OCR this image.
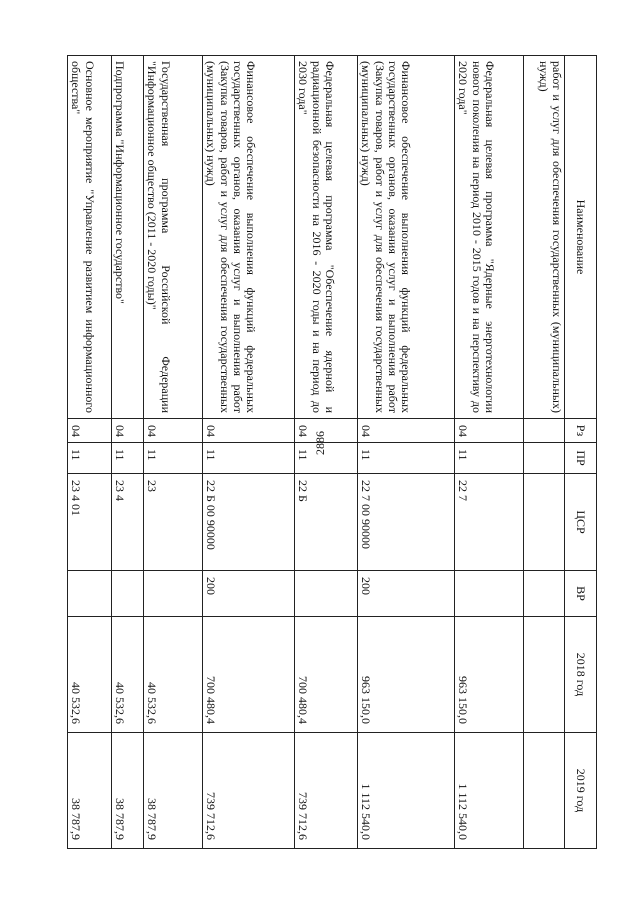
2886
Наименование	Рз	ПР	ЦСР	ВР	2018 год	2019 год
работ и услуг для обеспечения государственных (муниципальных) нужд)						
Федеральная целевая программа "Ядерные энерготехнологии нового поколения на период 2010 - 2015 годов и на перспективу до 2020 года"	04	11	22 7		963 150,0	1 112 540,0
Финансовое обеспечение выполнения функций федеральных государственных органов, оказания услуг и выполнения работ (Закупка товаров, работ и услуг для обеспечения государственных (муниципальных) нужд)	04	11	22 7 00 90000	200	963 150,0	1 112 540,0
Федеральная целевая программа "Обеспечение ядерной и радиационной безопасности на 2016 - 2020 годы и на период до 2030 года"	04	11	22 Б		700 480,4	739 712,6
Финансовое обеспечение выполнения функций федеральных государственных органов, оказания услуг и выполнения работ (Закупка товаров, работ и услуг для обеспечения государственных (муниципальных) нужд)	04	11	22 Б 00 90000	200	700 480,4	739 712,6
Государственная программа Российской Федерации "Информационное общество (2011 - 2020 годы)"	04	11	23		40 532,6	38 787,9
Подпрограмма "Информационное государство"	04	11	23 4		40 532,6	38 787,9
Основное мероприятие "Управление развитием информационного общества"	04	11	23 4 01		40 532,6	38 787,9
